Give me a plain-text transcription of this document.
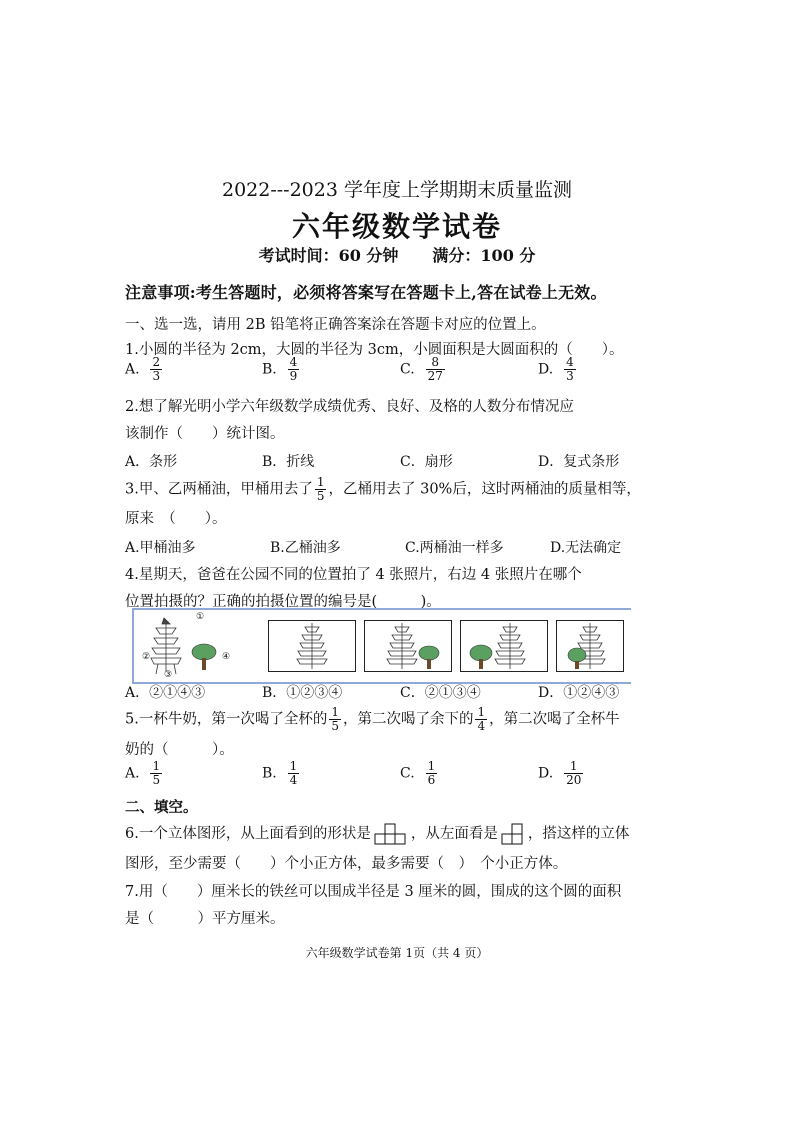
2022---2023 学年度上学期期末质量监测
六年级数学试卷
考试时间：60 分钟 满分：100 分
注意事项:考生答题时，必须将答案写在答题卡上,答在试卷上无效。
一、选一选，请用 2B 铅笔将正确答案涂在答题卡对应的位置上。
1.小圆的半径为 2cm，大圆的半径为 3cm，小圆面积是大圆面积的（　　）。
A. $\frac{2}{3}$	B. $\frac{4}{9}$	C. $\frac{8}{27}$	D. $\frac{4}{3}$
2.想了解光明小学六年级数学成绩优秀、良好、及格的人数分布情况应
该制作（　　）统计图。
A．条形	B．折线	C．扇形	D．复式条形
3.甲、乙两桶油，甲桶用去了 $\frac{1}{5}$ ，乙桶用去了 30%后，这时两桶油的质量相等，
原来　（　　）。
A.甲桶油多	B.乙桶油多	C.两桶油一样多	D.无法确定
4.星期天，爸爸在公园不同的位置拍了 4 张照片，右边 4 张照片在哪个
位置拍摄的？正确的拍摄位置的编号是(　　　)。
①
②
③
④
A．②①④③	B．①②③④	C．②①③④	D．①②④③
5.一杯牛奶，第一次喝了全杯的 $\frac{1}{5}$ ，第二次喝了余下的 $\frac{1}{4}$ ，第二次喝了全杯牛
奶的（　　　）。
A. $\frac{1}{5}$	B. $\frac{1}{4}$	C. $\frac{1}{6}$	D. $\frac{1}{20}$
二、填空。
6.一个立体图形，从上面看到的形状是	，从左面看是 ，搭这样的立体
图形，至少需要（　　）个小正方体，最多需要（　）　个小正方体。
7.用（　　）厘米长的铁丝可以围成半径是 3 厘米的圆，围成的这个圆的面积
是（　　　）平方厘米。
六年级数学试卷第 1页（共 4 页）
